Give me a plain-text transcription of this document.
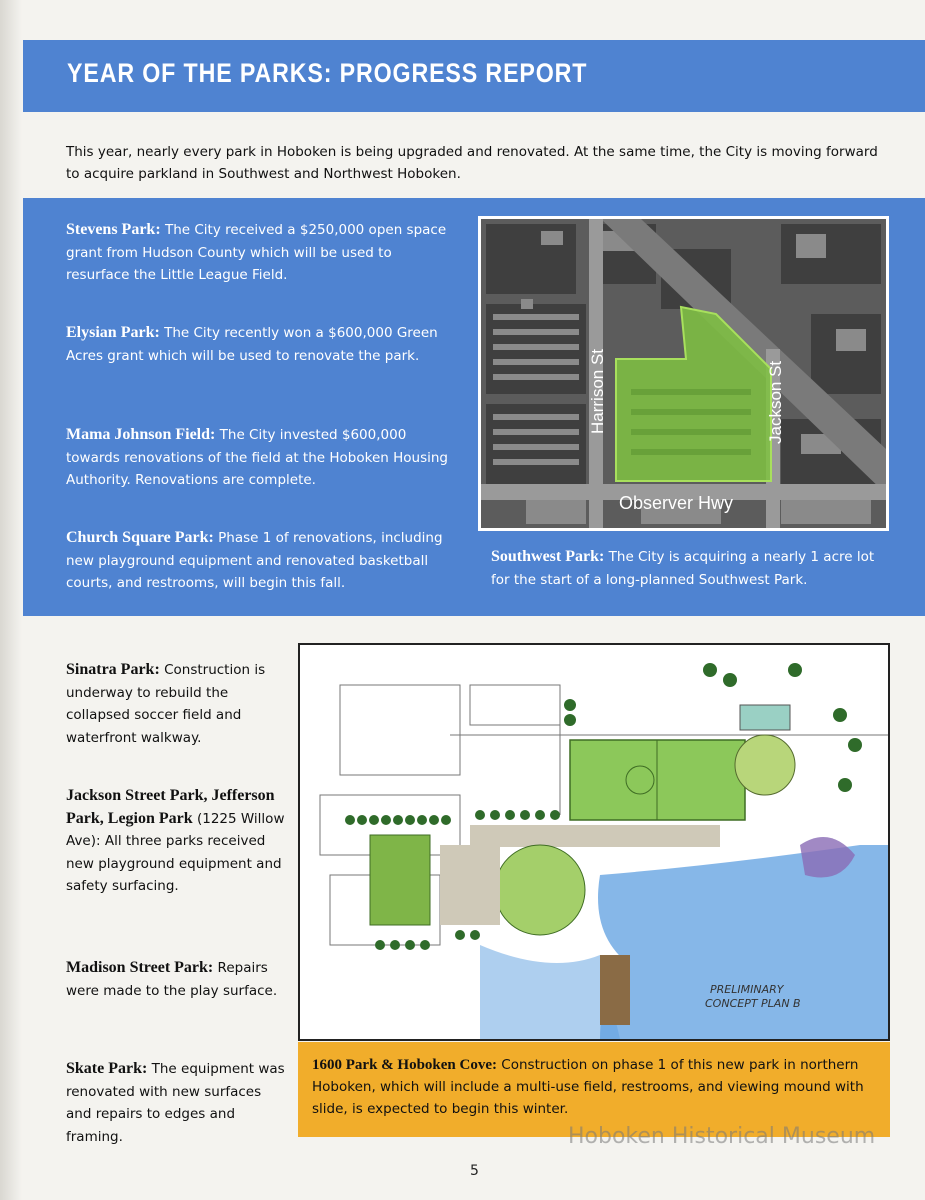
YEAR OF THE PARKS: PROGRESS REPORT

This year, nearly every park in Hoboken is being upgraded and renovated. At the same time, the City is moving forward to acquire parkland in Southwest and Northwest Hoboken.

Stevens Park: The City received a $250,000 open space grant from Hudson County which will be used to resurface the Little League Field.
Elysian Park: The City recently won a $600,000 Green Acres grant which will be used to renovate the park.
Mama Johnson Field: The City invested $600,000 towards renovations of the field at the Hoboken Housing Authority. Renovations are complete.
Church Square Park: Phase 1 of renovations, including new playground equipment and renovated basketball courts, and restrooms, will begin this fall.
Harrison St	Jackson St
Observer Hwy
Southwest Park: The City is acquiring a nearly 1 acre lot for the start of a long-planned Southwest Park.
Sinatra Park: Construction is underway to rebuild the collapsed soccer field and waterfront walkway.
Jackson Street Park, Jefferson Park, Legion Park (1225 Willow Ave): All three parks received new playground equipment and safety surfacing.
Madison Street Park: Repairs were made to the play surface.
Skate Park: The equipment was renovated with new surfaces and repairs to edges and framing.
PRELIMINARY
CONCEPT PLAN B
1600 Park & Hoboken Cove: Construction on phase 1 of this new park in northern Hoboken, which will include a multi-use field, restrooms, and viewing mound with slide, is expected to begin this winter.
Hoboken Historical Museum
5
